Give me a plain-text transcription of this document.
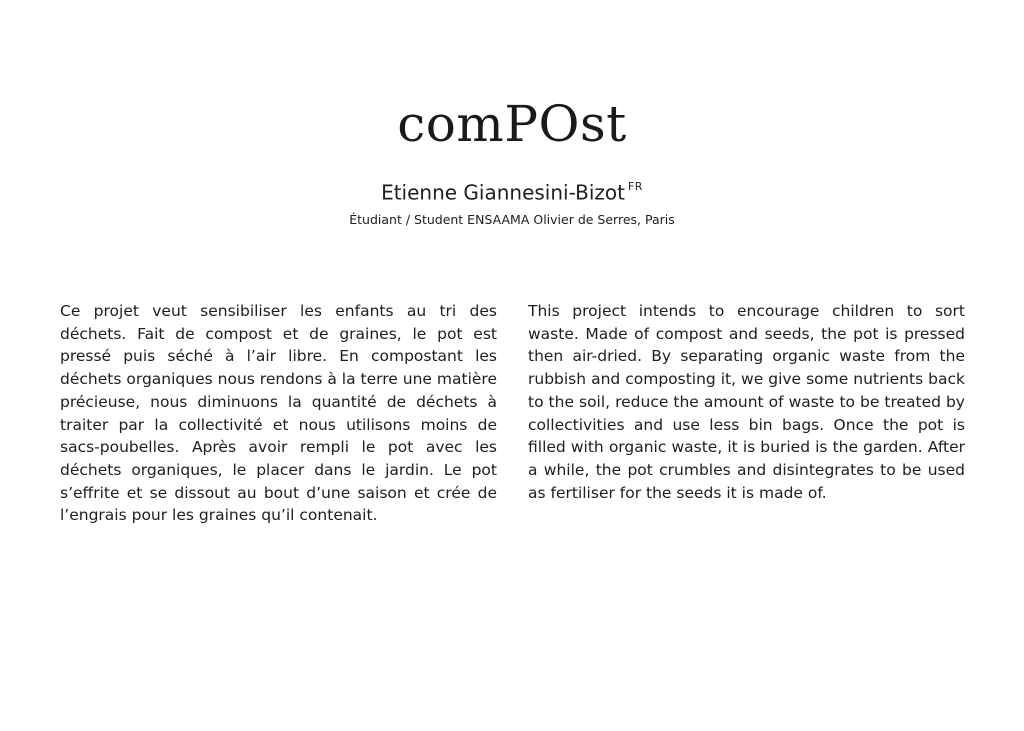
comPOst
Etienne Giannesini-Bizot $^{FR}$
Étudiant / Student ENSAAMA Olivier de Serres, Paris

Ce projet veut sensibiliser les enfants au tri des déchets. Fait de compost et de graines, le pot est pressé puis séché à l’air libre. En compostant les déchets organiques nous rendons à la terre une matière précieuse, nous diminuons la quantité de déchets à traiter par la collectivité et nous utilisons moins de sacs-poubelles. Après avoir rempli le pot avec les déchets organiques, le placer dans le jardin. Le pot s’effrite et se dissout au bout d’une saison et crée de l’engrais pour les graines qu’il contenait.

This project intends to encourage children to sort waste. Made of compost and seeds, the pot is pressed then air-dried. By separating organic waste from the rubbish and composting it, we give some nutrients back to the soil, reduce the amount of waste to be treated by collectivities and use less bin bags. Once the pot is filled with organic waste, it is buried is the garden. After a while, the pot crumbles and disintegrates to be used as fertiliser for the seeds it is made of.
